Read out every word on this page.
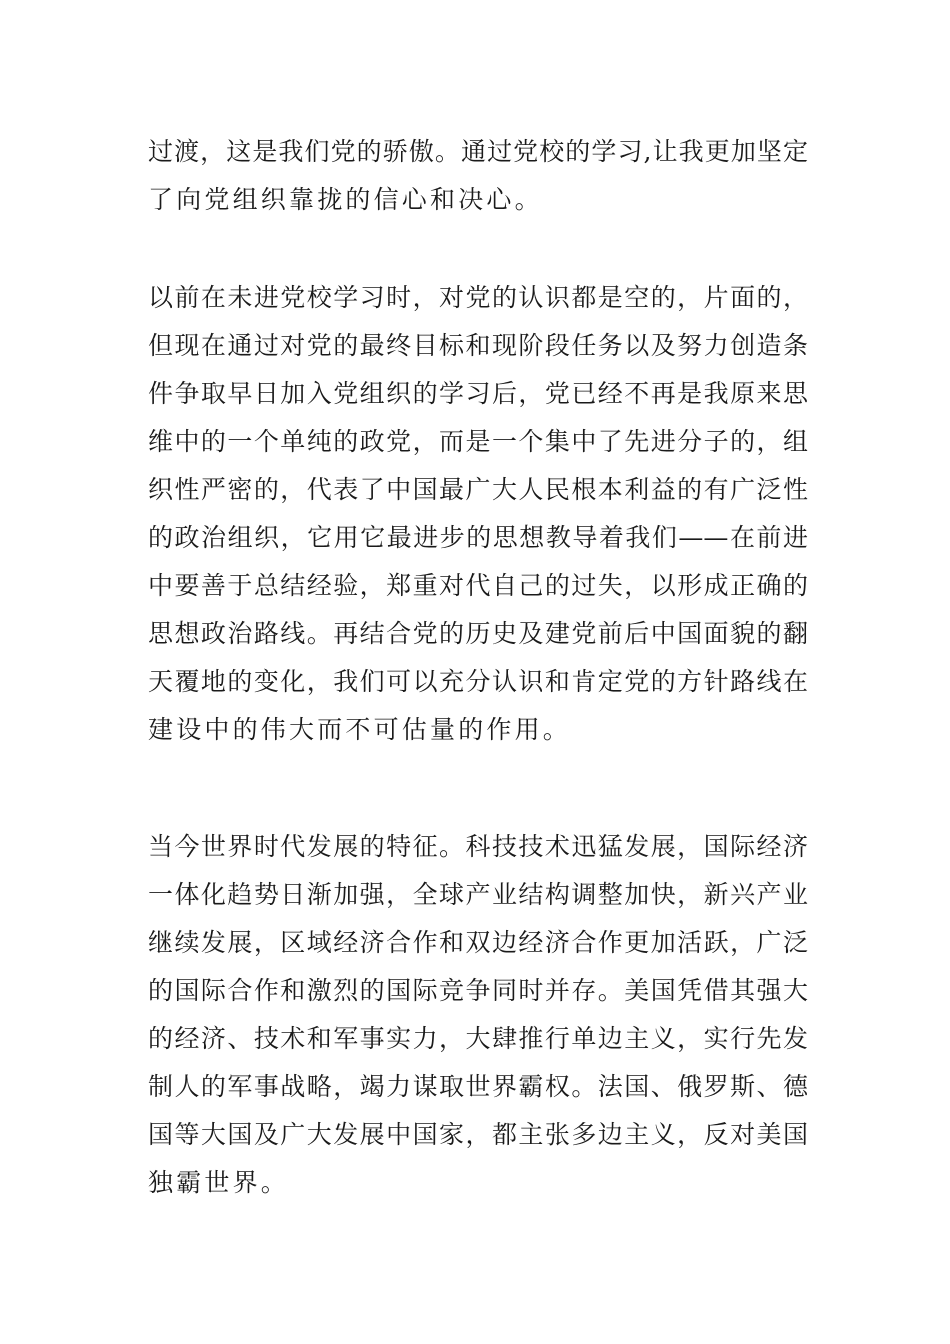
过渡，这是我们党的骄傲。通过党校的学习,让我更加坚定
了向党组织靠拢的信心和决心。
以前在未进党校学习时，对党的认识都是空的，片面的，
但现在通过对党的最终目标和现阶段任务以及努力创造条
件争取早日加入党组织的学习后，党已经不再是我原来思
维中的一个单纯的政党，而是一个集中了先进分子的，组
织性严密的，代表了中国最广大人民根本利益的有广泛性
的政治组织，它用它最进步的思想教导着我们——在前进
中要善于总结经验，郑重对代自己的过失，以形成正确的
思想政治路线。再结合党的历史及建党前后中国面貌的翻
天覆地的变化，我们可以充分认识和肯定党的方针路线在
建设中的伟大而不可估量的作用。
当今世界时代发展的特征。科技技术迅猛发展，国际经济
一体化趋势日渐加强，全球产业结构调整加快，新兴产业
继续发展，区域经济合作和双边经济合作更加活跃，广泛
的国际合作和激烈的国际竞争同时并存。美国凭借其强大
的经济、技术和军事实力，大肆推行单边主义，实行先发
制人的军事战略，竭力谋取世界霸权。法国、俄罗斯、德
国等大国及广大发展中国家，都主张多边主义，反对美国
独霸世界。
